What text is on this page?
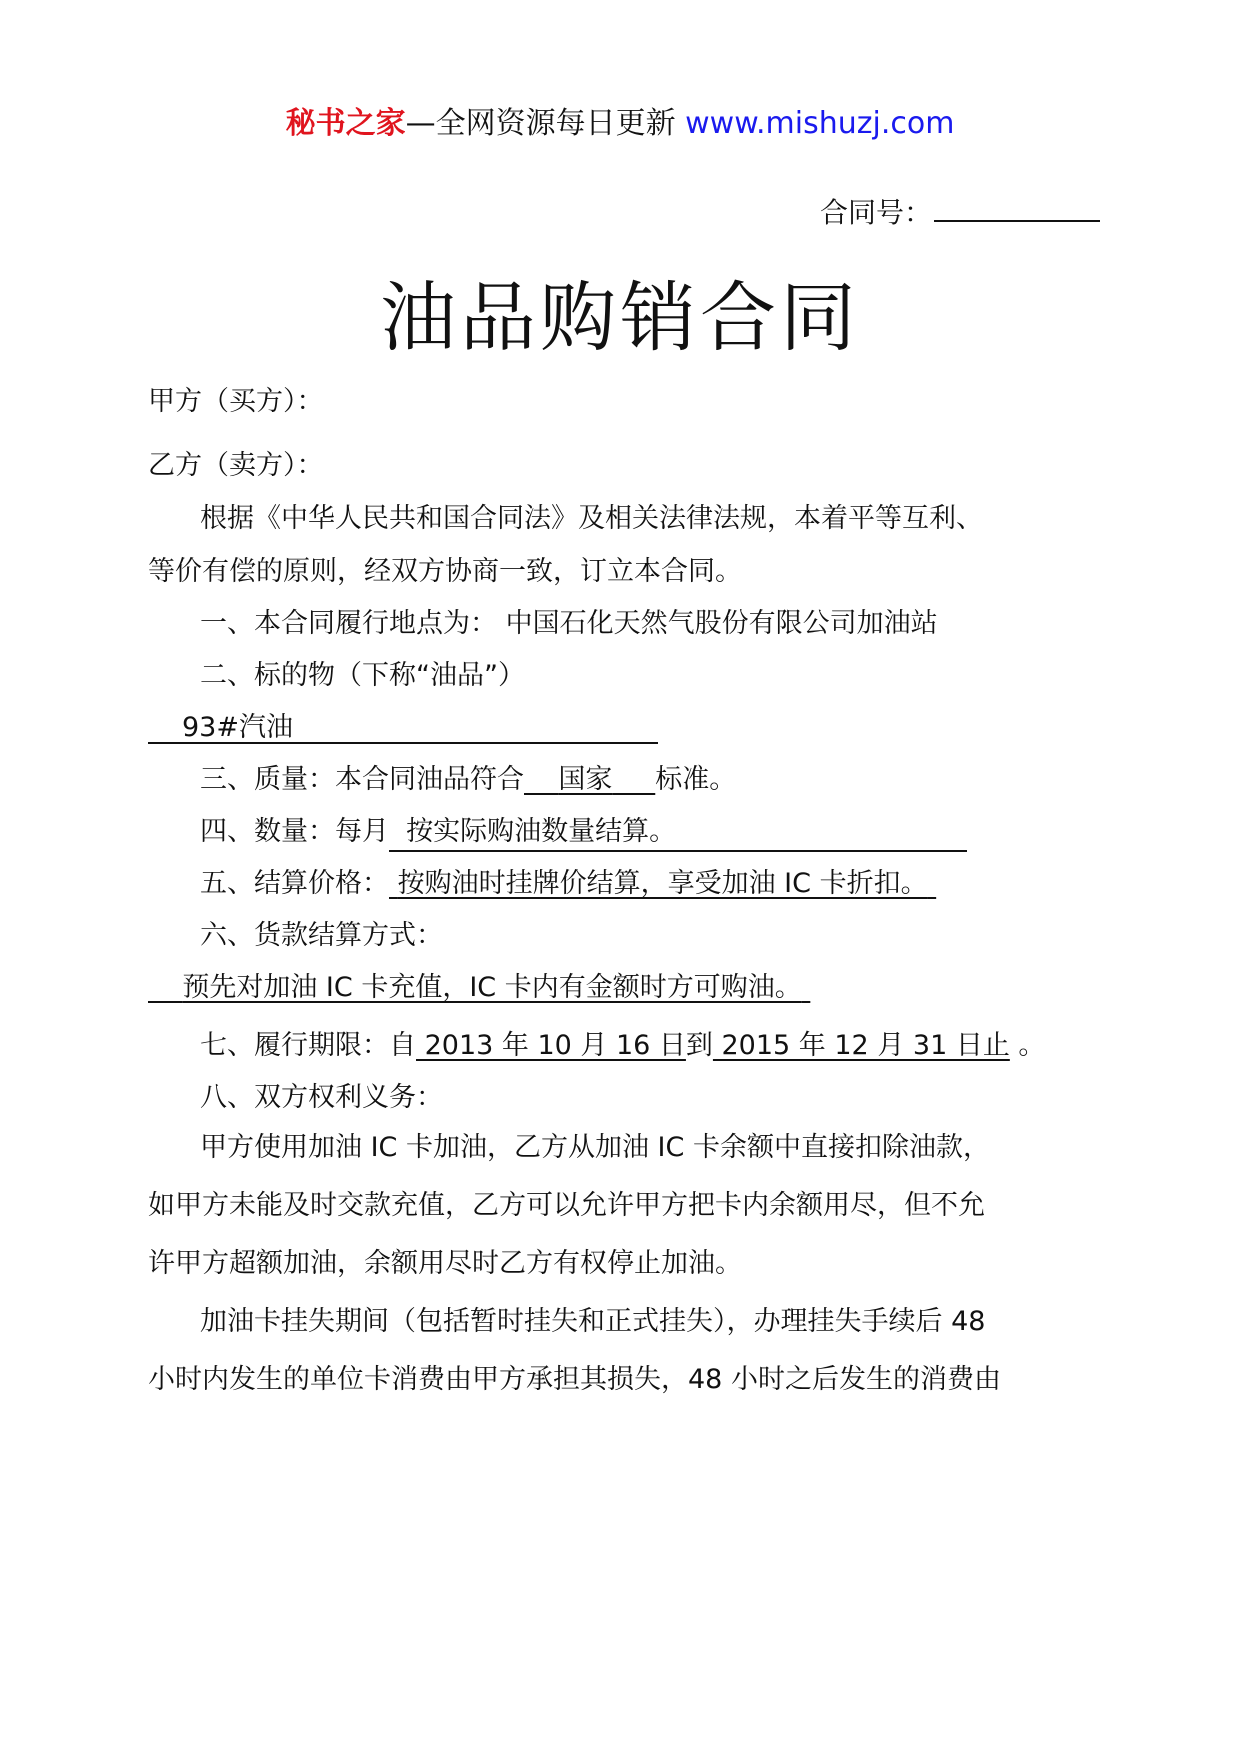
秘书之家—全网资源每日更新 www.mishuzj.com
合同号：
油品购销合同
甲方（买方）：
乙方（卖方）：
根据《中华人民共和国合同法》及相关法律法规，本着平等互利、
等价有偿的原则，经双方协商一致，订立本合同。
一、本合同履行地点为： 中国石化天然气股份有限公司加油站
二、标的物（下称“油品”）
93#汽油
三、质量：本合同油品符合 国家 标准。
四、数量：每月 按实际购油数量结算。
五、结算价格： 按购油时挂牌价结算，享受加油 IC 卡折扣。
六、货款结算方式：
预先对加油 IC 卡充值，IC 卡内有金额时方可购油。
七、履行期限：自 2013 年 10 月 16 日到 2015 年 12 月 31 日止 。
八、双方权利义务：
甲方使用加油 IC 卡加油，乙方从加油 IC 卡余额中直接扣除油款，
如甲方未能及时交款充值，乙方可以允许甲方把卡内余额用尽，但不允
许甲方超额加油，余额用尽时乙方有权停止加油。
加油卡挂失期间（包括暂时挂失和正式挂失），办理挂失手续后 48
小时内发生的单位卡消费由甲方承担其损失，48 小时之后发生的消费由
